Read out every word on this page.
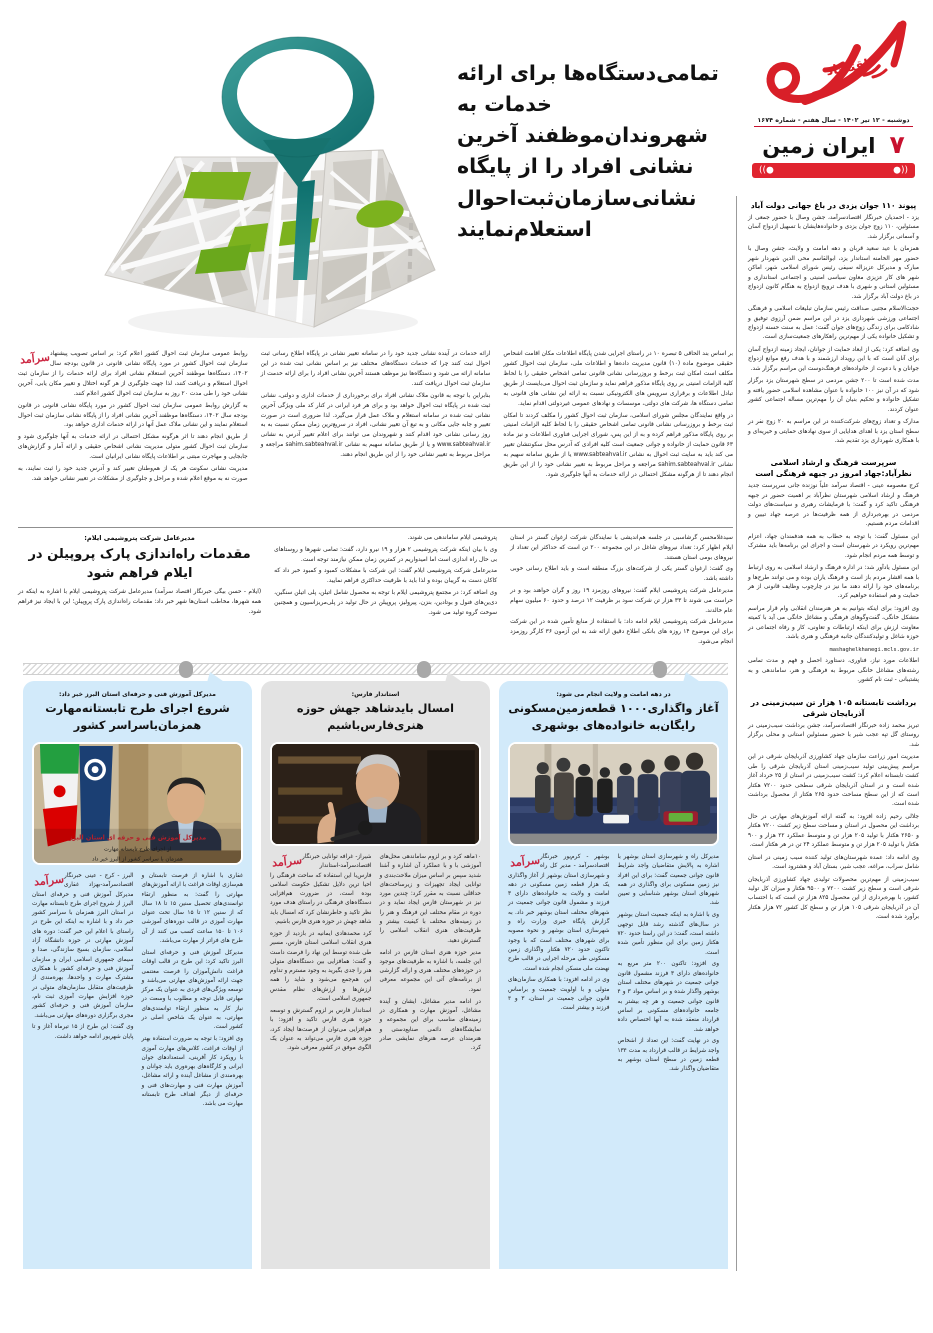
اقتصاد
دوشنبه - ۱۲ تیر ۱۴۰۲ - سال هفتم - شماره ۱۶۷۴
۷
ایران زمین
((●
●))
پیوند ۱۱۰ جوان یزدی در باغ جهانی دولت آباد

یزد - احمدیان خبرنگار اقتصادسرآمد، جشن وصال با حضور جمعی از مسئولین، ۱۱۰ زوج جوان یزدی و خانواده‌هایشان با تسهیل ازدواج آسان و آسمانی برگزار شد.

همزمان با عید سعید قربان و دهه امامت و ولایت، جشن وصال با حضور مهر الخامنه استاندار یزد، ابوالقاسم محی الدین شهردار شهر مبارک و مدیرکل عزیزاله سیفی رئیس شورای اسلامی شهر، اماکن شهر های کار عزیزی معاون سیاسی امنیتی و اجتماعی استانداری و مسئولین استانی و شهری با هدف ترویج ازدواج به هنگام کانون ازدواج در باغ دولت آباد برگزار شد.

حجت‌الاسلام مجتبی صداقت رئیس سازمان تبلیغات اسلامی و فرهنگی اجتماعی ورزشی شهرداری یزد در این مراسم ضمن آرزوی توفیق و شادکامی برای زندگی زوج‌های جوان گفت: عمل به سنت حسنه ازدواج و تشکیل خانواده یکی از مهم‌ترین راهکارهای جمعیت‌سازی است.

وی اضافه کرد: یکی از ابعاد حمایت از جوانان، ایجاد زمینه ازدواج آسان برای آنان است که با این رویداد ارزشمند و با هدف رفع موانع ازدواج جوانان و با دعوت از خانواده‌های فرهنگ‌دوست این مراسم برگزار شد.

مدت شده است تا ۲۰۰ جشن مردمی در سطح شهرستان یزد برگزار شود که در آن نیز ۱۰۰ خانواده با عنوان مشاهده اسلامی حضور یافته و تشکیل خانواده و تحکیم بنیان آن را مهم‌ترین مساله اجتماعی کشور عنوان کردند.

مدارک و تعداد زوج‌های شرکت‌کننده در این مراسم به ۲۰ زوج نفر در سطح استان یزد با اهدای هدایایی از سوی نهادهای حمایتی و خیریه‌ای و با همکاری شهرداری یزد تقدیم شد.

سرپرست فرهنگ و ارشاد اسلامی نظرآباد:جهاد امروز در جبهه فرهنگی است

کرج معصومه عینی - اقتصاد سرآمد علیاً نوزنده جانی سرپرست جدید فرهنگ و ارشاد اسلامی شهرستان نظرآباد بر اهمیت حضور در جبهه فرهنگی تاکید کرد و گفت: با فرمایشات رهبری و سیاست‌های دولت مردمی در بهره‌برداری از همه ظرفیت‌ها در عرصه جهاد تبیین و اقدامات مردم هستیم.

این مسئول گفت: با توجه به خطاب به همه هدفمندان جهاد، اعزام مهم‌ترین رویکرد در شهرستان است و اجرای این برنامه‌ها باید مشترک و توسط همه مردم انجام شود.

این مسئول یادآور شد: در اداره فرهنگ و ارشاد اسلامی به روی ارتباط با همه اقشار مردم باز است و فرهنگ یاران بوده و می توانند طرح‌ها و برنامه‌های خود را ارائه دهند ما نیز در چارچوب وظایف قانونی از هر حمایت و هم استفاده خواهیم کرد.

وی افزود: برای اینکه بتوانیم به هر هنرمندان انقلابی وام قرار مراسم متشکل خانگی، گفت‌وگوهای فرهنگی و مشاغل خانگی می آید با کمیته معاونت ارزش برای اینکه ارتباطات و تعاونی، کار و رفاه اجتماعی در حوزه شاغل و تولیدکنندگان جانبه فرهنگی و هنری باشد.

mashaghelkhanegi.mcls.gov.ir

اطلاعات مورد نیاز، فناوری، دستاورد احصل و فهم و مدت تمامی رشته‌های مشاغل خانگی مربوط به فرهنگی و هنر، ساماندهی و به پشتیبانی - ثبت نام کشور.

برداشت تابستانه ۱۰۵ هزار تن سیب‌زمینی در آذربایجان شرقی

تبریز محمد زاده خبرنگار اقتصادسرآمد، جشن برداشت سیب‌زمینی در روستای گل تپه عجب شیر با حضور مسئولین استانی و محلی برگزار شد.

مدیریت امور زراعت سازمان جهاد کشاورزی آذربایجان شرقی در این مراسم پیش‌بینی تولید سیب‌زمینی استان آذربایجان شرقی را طی کشت تابستانه اعلام کرد: کشت سیب‌زمینی در استان از ۲۵ خرداد آغاز شده است و در استان آذربایجان شرقی سطحی حدود ۷۲۰۰ هکتار است که از این سطح مساحت حدود ۲۶۵ هکتار از محصول برداشت شده است.

جلالی رحیم زاده افزود: به گفته ارائه آموزش‌های مهارتی در حال برداشت این محصول در استان و مساحت سطح زیر کشت ۷۲۰۰ هکتار و ۲۶۵۰ هکتار با تولید ۲۰۵ هزار تن و متوسط عملکرد ۲۲ هزار و ۹۰۰ هکتار با تولید ۲۰۵ هزار تن و متوسط عملکرد ۲۴ تن در هر هکتار است.

وی ادامه داد: عمده شهرستان‌های تولید کننده سیب زمینی در استان شامل سراب، مراغه، عجب شیر، بستان آباد و هشترود است.

سیب‌زمینی از مهم‌ترین محصولات تولیدی جهاد کشاورزی آذربایجان شرقی است و سطح زیر کشت ۷۲۰۰ و ۹۵۰۰ هکتار و میزان کل تولید کشور، با بهره‌برداری از این محصول ۸۲۵ هزار تن است که با احتساب آن در آذربایجان شرقی ۱۰۵ هزار تن و سطح کل کشور ۷۲ هزار هکتار برآورد شده است.

تمامی‌دستگاه‌ها برای ارائه خدمات به شهروندان‌موظفند آخرین نشانی افراد را از پایگاه نشانی‌سازمان‌ثبت‌احوال استعلام‌نمایند

بر اساس بند الحاقی ۵ تبصره ۱۰ در راستای اجرایی شدن پایگاه اطلاعات مکان اقامت اشخاص حقیقی موضوع ماده (۱۰) قانون مدیریت داده‌ها و اطلاعات ملی، سازمان ثبت احوال کشور مکلف است امکان ثبت برخط و بروزرسانی نشانی قانونی تمامی اشخاص حقیقی را با لحاظ کلیه الزامات امنیتی بر روی پایگاه مذکور فراهم نماید و سازمان ثبت احوال می‌بایست از طریق تبادل اطلاعات و برقراری سرویس های الکترونیکی نسبت به ارائه این نشانی های قانونی به تمامی دستگاه ها، شرکت های دولتی، موسسات و نهادهای عمومی غیردولتی اقدام نماید.

در واقع نمایندگان مجلس شورای اسلامی، سازمان ثبت احوال کشور را مکلف کردند تا امکان ثبت برخط و بروزرسانی نشانی قانونی تمامی اشخاص حقیقی را با لحاظ کلیه الزامات امنیتی بر روی پایگاه مذکور فراهم کرده و به از این پس، شورای اجرایی فناوری اطلاعات و نیز ماده ۶۳ قانون حمایت از خانواده و جوانی جمعیت است کلیه افرادی که آدرس محل سکونتشان تغییر می کند باید به سایت ثبت احوال به نشانی www.sabteahval.ir یا از طریق سامانه سهیم به نشانی sahim.sabteahval.ir مراجعه و مراحل مربوط به تغییر نشانی خود را از این طریق انجام دهند تا از هرگونه مشکل احتمالی در ارائه خدمات به آنها جلوگیری شود.

ارائه خدمات در آینده نشانی جدید خود را در سامانه تغییر نشانی در پایگاه اطلاع رسانی ثبت احوال ثبت کنند چرا که خدمات دستگاه‌های مختلف نیز بر اساس نشانی ثبت شده در این سامانه ارائه می شود و دستگاه‌ها نیز موظف هستند آخرین نشانی افراد را برای ارائه خدمت از سازمان ثبت احوال دریافت کنند.

بنابراین با توجه به قانون ملاک نشانی افراد برای برخورداری از خدمات اداری و دولتی، نشانی ثبت شده در پایگاه ثبت احوال خواهد بود و برای هر فرد ایرانی در کنار کد ملی ویژگی آخرین نشانی ثبت شده در سامانه استعلام و ملاک عمل قرار می‌گیرد. لذا ضروری است در صورت تغییر و جابه جایی مکانی و به تبع آن تغییر نشانی، افراد در سریع‌ترین زمان ممکن نسبت به به روز رسانی نشانی خود اقدام کنند و شهروندان می توانند برای اعلام تغییر آدرس به نشانی www.sabteahval.ir و یا از طریق سامانه سهیم به نشانی sahim.sabteahval.ir مراجعه و مراحل مربوط به تغییر نشانی خود را از این طریق انجام دهند.

سرآمد روابط عمومی سازمان ثبت احوال کشور اعلام کرد: بر اساس تصویب پیشنهاد سازمان ثبت احوال کشور در مورد پایگاه نشانی قانونی در قانون بودجه سال ۱۴۰۲، دستگاه‌ها موظفند آخرین استعلام نشانی افراد برای ارائه خدمات را از سازمان ثبت احوال استعلام و دریافت کنند، لذا جهت جلوگیری از هر گونه اختلال و تغییر مکان یابی، آخرین نشانی خود را طی مدت ۲۰ روز به سازمان ثبت احوال کشور اعلام کنند.

به گزارش روابط عمومی سازمان ثبت احوال کشور در مورد پایگاه نشانی قانونی در قانون بودجه سال ۱۴۰۲، دستگاه‌ها موظفند آخرین نشانی افراد را از پایگاه نشانی سازمان ثبت احوال استعلام نمایند و این نشانی ملاک عمل آنها در ارائه خدمات اداری خواهد بود.

از طریق انجام دهند تا اثر هرگونه مشکل احتمالی در ارائه خدمات به آنها جلوگیری شود و سازمان ثبت احوال کشور متولی مدیریت نشانی اشخاص حقیقی و ارائه آمار و گزارش‌های جابجایی و مهاجرت مبتنی بر اطلاعات پایگاه نشانی ایرانیان است.

مدیریت نشانی سکونت هر یک از هم‌وطنان تغییر کند و آدرس جدید خود را ثبت نمایند، به صورت نه به موقع اعلام شده و مراحل و جلوگیری از مشکلات در تغییر نشانی خواهد شد.

سیدغلامحسن گرشاسبی در جلسه هم‌اندیشی با نمایندگان شرکت ارغوان گستر در استان ایلام اظهار کرد: تعداد نیروهای شاغل در این مجموعه ۲۰۰ تن است که حداکثر این تعداد از نیروهای بومی استان هستند.

وی گفت: ارغوان گستر یکی از شرکت‌های بزرگ منطقه است و باید اطلاع رسانی خوبی داشته باشد.

مدیرعامل شرکت پتروشیمی ایلام گفت: نیروهای روزمزد ۱۹ روز و گران خواهند بود و در حراست می شوند تا ۳۳ هزار تن شرکت سود بر ظرفیت ۱۲ درصد و حدود ۶۰ میلیون سهام عام خالدند.

مدیرعامل شرکت پتروشیمی ایلام ادامه داد: با استفاده از منابع تأمین شده در این شرکت برای این موضوع ۱۴ روزه های بانکی اطلاع دقیق ارائه شد به این آزمون ۳۶ کارگر روزمزد انجام می‌شود.

پتروشیمی ایلام ساماندهی می شوند.

وی با بیان اینکه شرکت پتروشیمی ۲ هزار و ۱۹ نیرو دارد، گفت: تمامی شهرها و روستاهای بی حال راه اندازی است اما امیدواریم در کمترین زمان ممکن نیازمند توجه است.

مدیرعامل شرکت پتروشیمی ایلام گفت: این شرکت با مشکلات کمبود و کمبود خبر داد که کاکان دست به گریبان بوده و لذا باید با ظرفیت حداکثری فراهم نمایید.

وی اضافه کرد: در مجتمع پتروشیمی ایلام با توجه به محصول شامل اتیلن، پلی اتیلن سنگین، دی‌ین‌های فنول و بوتادین، بنزن، پیرولیز، پروپیلن در حال تولید در پلی‌مریزاسیون و همچنین سوخت گروه تولید می شود.

مدیرعامل شرکت پتروشیمی ایلام:
مقدمات راه‌اندازی پارک پروپیلن در ایلام فراهم شود

(ایلام - حسن بیگی خبرنگار اقتصاد سرآمد) مدیرعامل شرکت پتروشیمی ایلام با اشاره به اینکه در همه شهرها، مخاطب استان‌ها شهر خبر داد: مقدمات راه‌اندازی پارک پروپیلن؛ این با ایجاد نیز فراهم شود.

در دهه امامت و ولایت انجام می شود:
آغاز واگذاری۱۰۰۰ قطعه‌زمین‌مسکونی رایگان‌به خانواده‌های بوشهری

مدیرکل راه و شهرسازی استان بوشهر با اشاره به پالایش متقاضیان واجد شرایط قانون جوانی جمعیت گفت: برای این افراد نیز زمین مسکونی برای واگذاری در همه شهرهای استان بوشهر شناسایی و تعیین شد.

وی با اشاره به اینکه جمعیت استان بوشهر در سال‌های گذشته رشد قابل توجهی داشته است، گفت: در این راستا حدود ۷۲۰ هکتار زمین برای این منظور تأمین شده است.

وی افزود: تاکنون ۲۰۰ متر مربع به خانواده‌های دارای ۳ فرزند مشمول قانون جوانی جمعیت در شهرهای مختلف استان بوشهر واگذار شده و بر اساس مواد ۳ و ۴ قانون جوانی جمعیت و هر چه بیشتر به جامعه خانواده‌های مسکونی بر اساس قرارداد منعقد شده به آنها اختصاص داده خواهد شد.

وی در نهایت گفت: این تعداد از اشخاص واجد شرایط در قالب قرارداد به مدت ۱۳۴ قطعه زمین در سطح استان بوشهر به متقاضیان واگذار شد.

سرآمد بوشهر - کرم‌پور خبرنگار اقتصادسرآمد - مدیر کل راه و شهرسازی استان بوشهر از آغاز واگذاری یک هزار قطعه زمین مسکونی در دهه امامت و ولایت به خانواده‌های دارای ۳ فرزند و مشمول قانون جوانی جمعیت در شهرهای مختلف استان بوشهر خبر داد. به گزارش پایگاه خبری وزارت راه و شهرسازی استان بوشهر و نحوه مصوبه برای شهرهای مختلف است که با وجود تاکنون حدود ۷۲۰ هکتار واگذاری زمین مسکونی طی مرحله اجرایی در قالب طرح نهضت ملی مسکن انجام شده است.

وی در ادامه افزود: با همکاری سازمان‌های متولی و با اولویت جمعیت و براساس قانون جوانی جمعیت در استان، ۳ و ۴ فرزند و بیشتر است.

استاندار فارس:
امسال باید‌شاهد جهش حوزه هنری‌فارس‌باشیم

۱۰ماهه کرد و بر لزوم ساماندهی محل‌های آموزشی با و با عملکرد آن اشاره و آشنا شدید سپس بر اساس میزان ملاحت‌بندی و توانایی ایجاد تجهیزات و زیرساخت‌های حداقلی نسبت به مقرر کرد: چندین مورد نیز در شهرستان فارس ایجاد نماید و در دوره در مقام مختلف این فرهنگ و هنر را در زمینه‌های مختلف با کیفیت بیشتر و ظرفیت‌های هنری انقلاب اسلامی را گسترش دهید.

مدیر حوزه هنری استان فارس در ادامه این جلسه، با اشاره به ظرفیت‌های موجود در حوزه‌های مختلف هنری و ارائه گزارشی از برنامه‌های آتی این مجموعه معرفی نمود.

در ادامه مدیر مشاغل، ایشان و آینده مشاغل، آموزش مهارت و همکاری در زمینه‌های مناسب برای این مجموعه و نمایشگاه‌های دائمی صنایع‌دستی و هنرمندان عرصه هنرهای نمایشی صادر کرد.

سرآمد شیراز- غرافه توانایی خبرنگار اقتصادسرآمد-استاندار فارس‌با این استفاده که ساحت فرهنگی را احیا ترین دلایل تشکیل حکومت اسلامی بوده است، در ضرورت هم‌افزایی دستگاه‌های فرهنگی در راستای هدف مورد نظر تاکید و خاطرنشان کرد که امسال باید شاهد جهش در حوزه هنری فارس باشیم.

کرد محمدهادی ایمانیه در بازدید از حوزه هنری انقلاب اسلامی استان فارس، مسیر طی شده توسط این نهاد را فرصت داست و گفت: همافزایی بین دستگاه‌های متولی هنر را جدی بگیرید به وجود مسترم و تداوم این هم‌جمع می‌شود و شاید را همه ارزش‌ها و ارزش‌های نظام مقدس جمهوری اسلامی است.

استاندار فارس بر لزوم گسترش و توسعه حوزه هنری فارس تاکید و افزود: با هم‌افزایی می‌توان از فرصت‌ها ایجاد کرد، حوزه هنری فارس می‌تواند به عنوان یک الگوی موفق در کشور معرفی شود.

مدیرکل آموزش فنی و حرفه‌ای استان البرز خبر داد:
شروع اجرای طرح تابستانه‌مهارت همزمان‌باسراسر کشور
مدیرکل آموزش فنی و حرفه ای استان البرز
از اجرای طرح تابستانه مهارت
همزمان با سراسر کشور از البرز خبر داد

غفاری با اشاره از فرصت تابستان و هم‌سازی اوقات فراغت با ارائه آموزش‌های مهارتی را گفت: به منظور ارتقاء توانمندی‌های تحصیل سنین ۱۵ تا ۱۸ سال که از سنین ۱۲ تا ۱۵ سال تحت عنوان مهارت آموزی در قالب دوره‌های آموزشی ۱۰۶ تا ۱۵۰ ساعت کسب می کنند از آن طرح های فراتر از مهارت می‌باشد.

مدیرکل آموزش فنی و حرفه‌ای استان البرز تاکید کرد: این طرح در قالب اوقات فراغت دانش‌آموزان را فرصت مغتنمی جهت ارائه آموزش‌های مهارتی می‌باشد و توسعه ویژگی‌های فردی به عنوان یک مرکز مهارتی قابل توجه و مطلوب با وسعت در نیاز کار به منظور ارتقاء توانمندی‌های مهارتی، به عنوان یک شاخص اصلی در کشور است.

وی افزود: با توجه به ضرورت استفاده بهتر از اوقات فراغت، کلاس‌های مهارت آموزی با رویکرد کار آفرینی، استعدادهای جوان ایرانی و کارگاه‌های بهره‌وری باید جوانان و بهره‌مندی از مشاغل آینده و ارائه مشاغل، آموزش مهارت فنی و مهارت‌های فنی و حرفه‌ای از دیگر اهداف طرح تابستانه مهارت می باشد.

سرآمد البرز - کرج - عینی خبرنگار اقتصادسرآمد-بهزاد غفاری مدیرکل آموزش فنی و حرفه‌ای استان البرز از شروع اجرای طرح تابستانه مهارت در استان البرز همزمان با سراسر کشور خبر داد و با اشاره به اینکه این طرح در راستای با اعلام این خبر گفت: دوره های آموزش مهارتی در حوزه دانشگاه آزاد اسلامی، سازمان بسیج سازندگی، صدا و سیمای جمهوری اسلامی ایران و سازمان آموزش فنی و حرفه‌ای کشور با همکاری مشترک مهارت و واحد‌ها، بهره‌مندی از ظرفیت‌های متقابل سازمان‌های متولی در حوزه افزایش مهارت آموزی ثبت نام، سازمان آموزش فنی و حرفه‌ای کشور مجری برگزاری دوره‌های مهارتی می‌باشد.

وی گفت: این طرح از ۱۵ تیرماه آغاز و تا پایان شهریور ادامه خواهد داشت.
